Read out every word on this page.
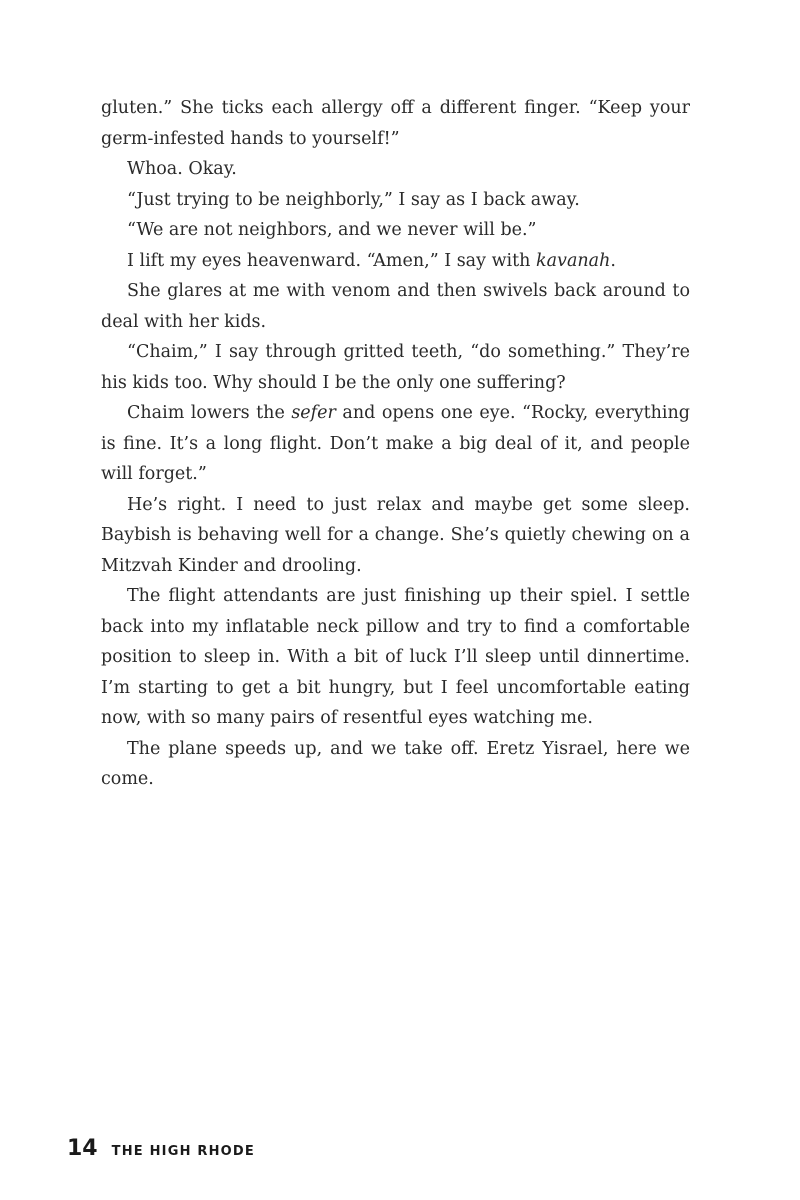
gluten.” She ticks each allergy off a different finger. “Keep your germ-infested hands to yourself!”

Whoa. Okay.

“Just trying to be neighborly,” I say as I back away.

“We are not neighbors, and we never will be.”

I lift my eyes heavenward. “Amen,” I say with kavanah.

She glares at me with venom and then swivels back around to deal with her kids.

“Chaim,” I say through gritted teeth, “do something.” They’re his kids too. Why should I be the only one suffering?

Chaim lowers the sefer and opens one eye. “Rocky, everything is fine. It’s a long flight. Don’t make a big deal of it, and people will forget.”

He’s right. I need to just relax and maybe get some sleep. Baybish is behaving well for a change. She’s quietly chewing on a Mitzvah Kinder and drooling.

The flight attendants are just finishing up their spiel. I settle back into my inflatable neck pillow and try to find a comfortable position to sleep in. With a bit of luck I’ll sleep until dinnertime. I’m starting to get a bit hungry, but I feel uncomfortable eating now, with so many pairs of resentful eyes watching me.

The plane speeds up, and we take off. Eretz Yisrael, here we come.

14 THE HIGH RHODE
